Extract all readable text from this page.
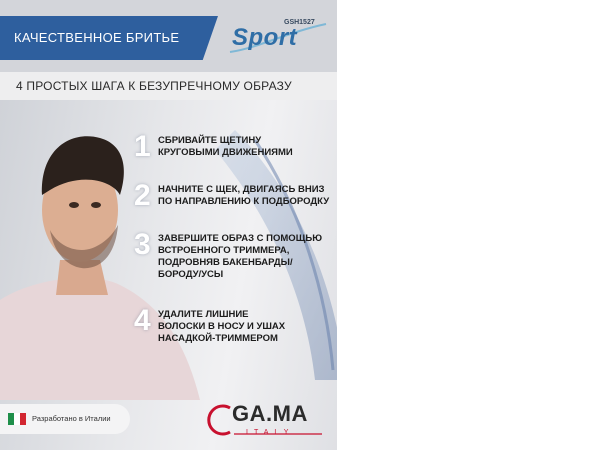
КАЧЕСТВЕННОЕ БРИТЬЕ
GSH1527
Sport
4 ПРОСТЫХ ШАГА К БЕЗУПРЕЧНОМУ ОБРАЗУ
1 СБРИВАЙТЕ ЩЕТИНУ
КРУГОВЫМИ ДВИЖЕНИЯМИ
2 НАЧНИТЕ С ЩЕК, ДВИГАЯСЬ ВНИЗ
ПО НАПРАВЛЕНИЮ К ПОДБОРОДКУ
3 ЗАВЕРШИТЕ ОБРАЗ С ПОМОЩЬЮ
ВСТРОЕННОГО ТРИММЕРА,
ПОДРОВНЯВ БАКЕНБАРДЫ/
БОРОДУ/УСЫ
4 УДАЛИТЕ ЛИШНИЕ
ВОЛОСКИ В НОСУ И УШАХ
НАСАДКОЙ-ТРИММЕРОМ
Разработано в Италии	GA.MA
ITALY
